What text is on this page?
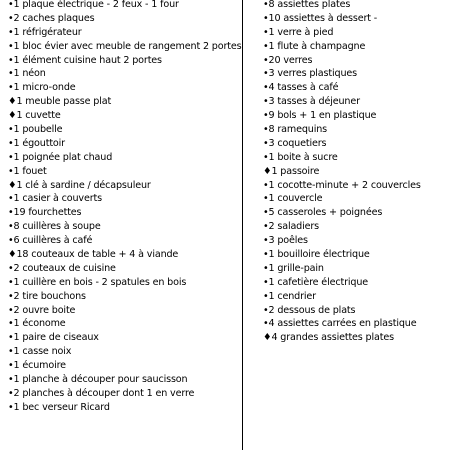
•1 plaque électrique - 2 feux - 1 four
•2 caches plaques
•1 réfrigérateur
•1 bloc évier avec meuble de rangement 2 portes
•1 élément cuisine haut 2 portes
•1 néon
•1 micro-onde
♦1 meuble passe plat
♦1 cuvette
•1 poubelle
•1 égouttoir
•1 poignée plat chaud
•1 fouet
♦1 clé à sardine / décapsuleur
•1 casier à couverts
•19 fourchettes
•8 cuillères à soupe
•6 cuillères à café
♦18 couteaux de table + 4 à viande
•2 couteaux de cuisine
•1 cuillère en bois - 2 spatules en bois
•2 tire bouchons
•2 ouvre boite
•1 économe
•1 paire de ciseaux
•1 casse noix
•1 écumoire
•1 planche à découper pour saucisson
•2 planches à découper dont 1 en verre
•1 bec verseur Ricard
•8 assiettes plates
•10 assiettes à dessert -
•1 verre à pied
•1 flute à champagne
•20 verres
•3 verres plastiques
•4 tasses à café
•3 tasses à déjeuner
•9 bols + 1 en plastique
•8 ramequins
•3 coquetiers
•1 boite à sucre
♦1 passoire
•1 cocotte-minute + 2 couvercles
•1 couvercle
•5 casseroles + poignées
•2 saladiers
•3 poêles
•1 bouilloire électrique
•1 grille-pain
•1 cafetière électrique
•1 cendrier
•2 dessous de plats
•4 assiettes carrées en plastique
♦4 grandes assiettes plates
